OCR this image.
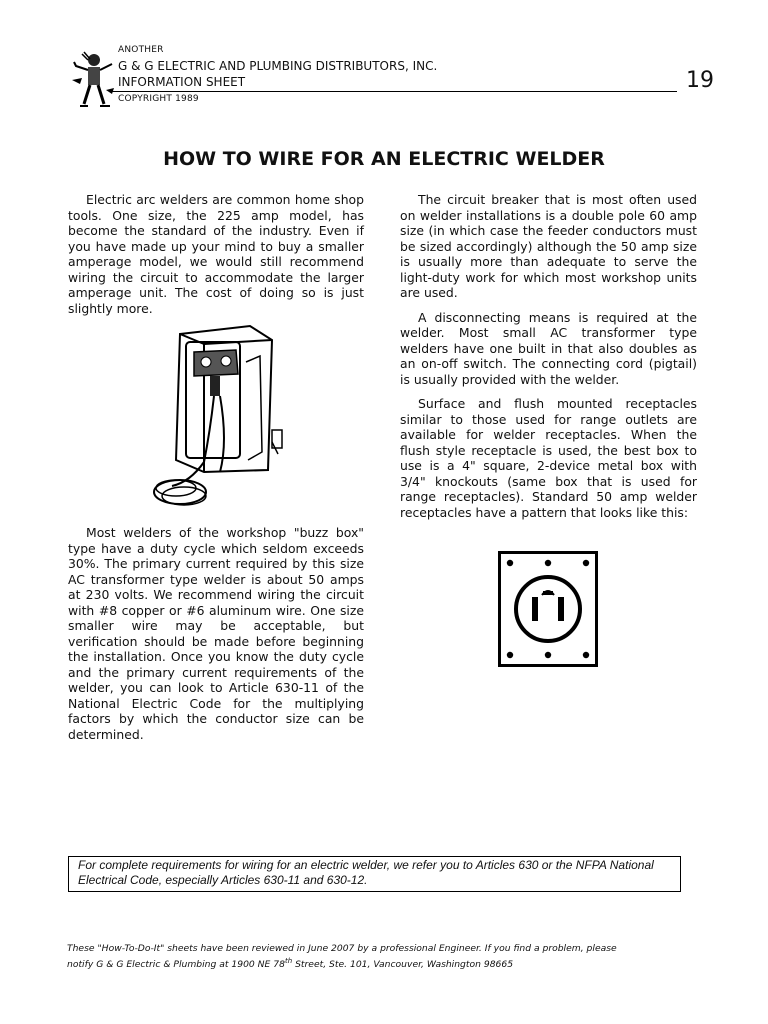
ANOTHER
G & G ELECTRIC AND PLUMBING DISTRIBUTORS, INC.
INFORMATION SHEET
COPYRIGHT 1989
19
HOW TO WIRE FOR AN ELECTRIC WELDER

Electric arc welders are common home shop tools. One size, the 225 amp model, has become the standard of the industry. Even if you have made up your mind to buy a smaller amperage model, we would still recommend wiring the circuit to accommodate the larger amperage unit. The cost of doing so is just slightly more.

Most welders of the workshop "buzz box" type have a duty cycle which seldom exceeds 30%. The primary current required by this size AC transformer type welder is about 50 amps at 230 volts. We recommend wiring the circuit with #8 copper or #6 aluminum wire. One size smaller wire may be acceptable, but verification should be made before beginning the installation. Once you know the duty cycle and the primary current requirements of the welder, you can look to Article 630-11 of the National Electric Code for the multiplying factors by which the conductor size can be determined.

The circuit breaker that is most often used on welder installations is a double pole 60 amp size (in which case the feeder conductors must be sized accordingly) although the 50 amp size is usually more than adequate to serve the light-duty work for which most workshop units are used.

A disconnecting means is required at the welder. Most small AC transformer type welders have one built in that also doubles as an on-off switch. The connecting cord (pigtail) is usually provided with the welder.

Surface and flush mounted receptacles similar to those used for range outlets are available for welder receptacles. When the flush style receptacle is used, the best box to use is a 4" square, 2-device metal box with 3/4" knockouts (same box that is used for range receptacles). Standard 50 amp welder receptacles have a pattern that looks like this:

For complete requirements for wiring for an electric welder, we refer you to Articles 630 or the NFPA National Electrical Code, especially Articles 630-11 and 630-12.
These "How-To-Do-It" sheets have been reviewed in June 2007 by a professional Engineer. If you find a problem, please
notify G & G Electric & Plumbing at 1900 NE 78th Street, Ste. 101, Vancouver, Washington 98665
